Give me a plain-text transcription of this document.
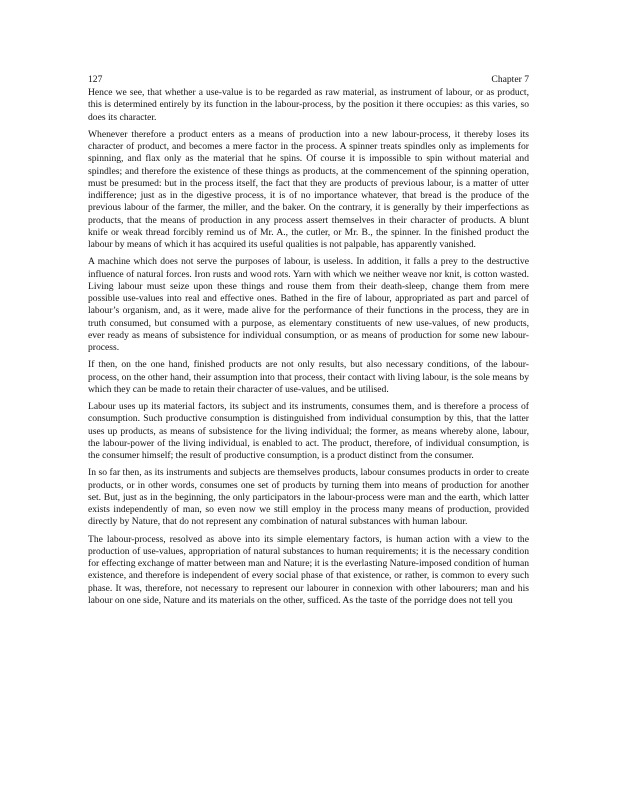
127	Chapter 7

Hence we see, that whether a use-value is to be regarded as raw material, as instrument of labour, or as product, this is determined entirely by its function in the labour-process, by the position it there occupies: as this varies, so does its character.

Whenever therefore a product enters as a means of production into a new labour-process, it thereby loses its character of product, and becomes a mere factor in the process. A spinner treats spindles only as implements for spinning, and flax only as the material that he spins. Of course it is impossible to spin without material and spindles; and therefore the existence of these things as products, at the commencement of the spinning operation, must be presumed: but in the process itself, the fact that they are products of previous labour, is a matter of utter indifference; just as in the digestive process, it is of no importance whatever, that bread is the produce of the previous labour of the farmer, the miller, and the baker. On the contrary, it is generally by their imperfections as products, that the means of production in any process assert themselves in their character of products. A blunt knife or weak thread forcibly remind us of Mr. A., the cutler, or Mr. B., the spinner. In the finished product the labour by means of which it has acquired its useful qualities is not palpable, has apparently vanished.

A machine which does not serve the purposes of labour, is useless. In addition, it falls a prey to the destructive influence of natural forces. Iron rusts and wood rots. Yarn with which we neither weave nor knit, is cotton wasted. Living labour must seize upon these things and rouse them from their death-sleep, change them from mere possible use-values into real and effective ones. Bathed in the fire of labour, appropriated as part and parcel of labour’s organism, and, as it were, made alive for the performance of their functions in the process, they are in truth consumed, but consumed with a purpose, as elementary constituents of new use-values, of new products, ever ready as means of subsistence for individual consumption, or as means of production for some new labour-process.

If then, on the one hand, finished products are not only results, but also necessary conditions, of the labour-process, on the other hand, their assumption into that process, their contact with living labour, is the sole means by which they can be made to retain their character of use-values, and be utilised.

Labour uses up its material factors, its subject and its instruments, consumes them, and is therefore a process of consumption. Such productive consumption is distinguished from individual consumption by this, that the latter uses up products, as means of subsistence for the living individual; the former, as means whereby alone, labour, the labour-power of the living individual, is enabled to act. The product, therefore, of individual consumption, is the consumer himself; the result of productive consumption, is a product distinct from the consumer.

In so far then, as its instruments and subjects are themselves products, labour consumes products in order to create products, or in other words, consumes one set of products by turning them into means of production for another set. But, just as in the beginning, the only participators in the labour-process were man and the earth, which latter exists independently of man, so even now we still employ in the process many means of production, provided directly by Nature, that do not represent any combination of natural substances with human labour.

The labour-process, resolved as above into its simple elementary factors, is human action with a view to the production of use-values, appropriation of natural substances to human requirements; it is the necessary condition for effecting exchange of matter between man and Nature; it is the everlasting Nature-imposed condition of human existence, and therefore is independent of every social phase of that existence, or rather, is common to every such phase. It was, therefore, not necessary to represent our labourer in connexion with other labourers; man and his labour on one side, Nature and its materials on the other, sufficed. As the taste of the porridge does not tell you
